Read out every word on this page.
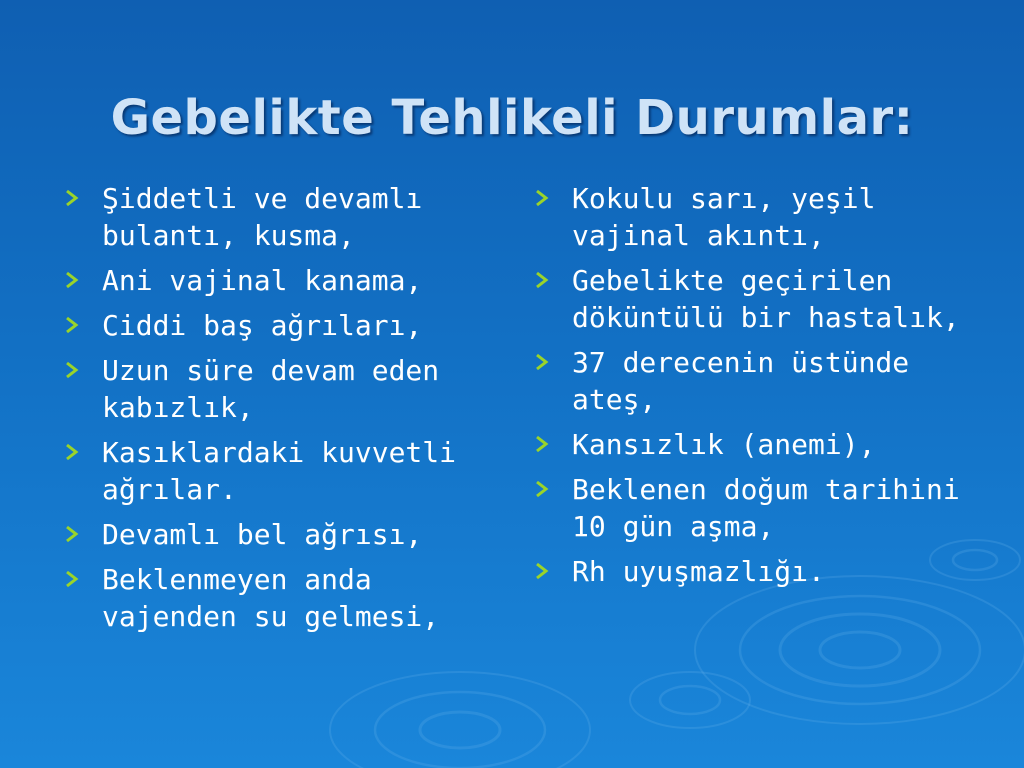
Gebelikte Tehlikeli Durumlar:
Şiddetli ve devamlı
bulantı, kusma,
Ani vajinal kanama,
Ciddi baş ağrıları,
Uzun süre devam eden
kabızlık,
Kasıklardaki kuvvetli
ağrılar.
Devamlı bel ağrısı,
Beklenmeyen anda
vajenden su gelmesi,
Kokulu sarı, yeşil
vajinal akıntı,
Gebelikte geçirilen
döküntülü bir hastalık,
37 derecenin üstünde
ateş,
Kansızlık (anemi),
Beklenen doğum tarihini
10 gün aşma,
Rh uyuşmazlığı.
